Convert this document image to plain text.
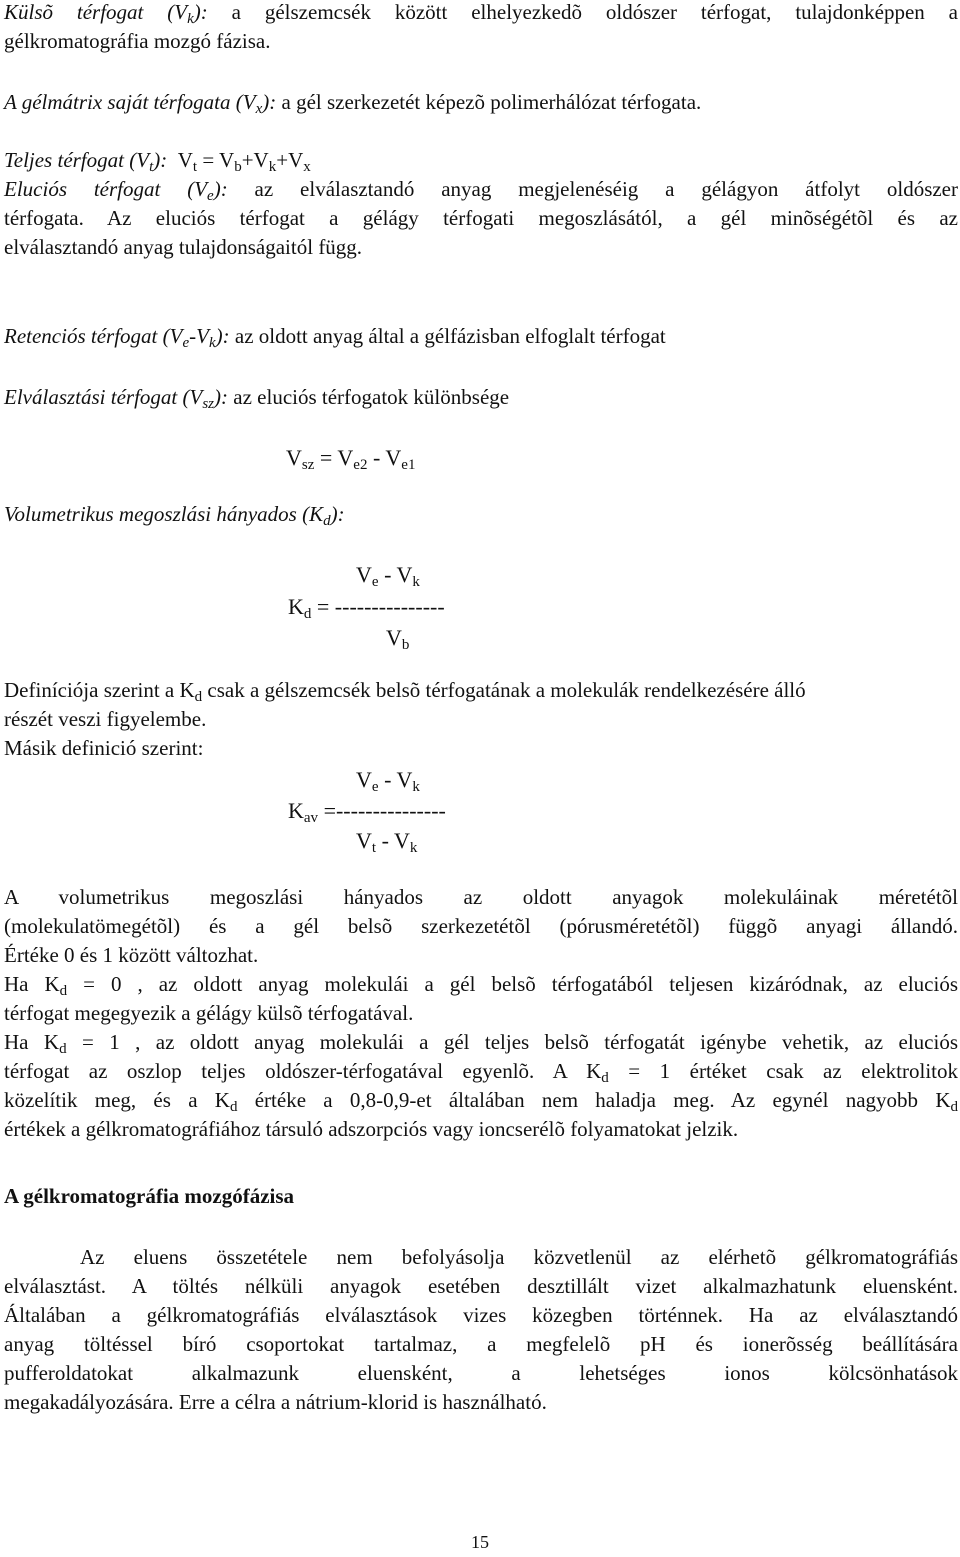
Külsõ térfogat $(V_k)$: a gélszemcsék között elhelyezkedõ oldószer térfogat, tulajdonképpen a
gélkromatográfia mozgó fázisa.
A gélmátrix saját térfogata $(V_x)$: a gél szerkezetét képezõ polimerhálózat térfogata.
Teljes térfogat $(V_t)$: $V_t = V_b+V_k+V_x$
Eluciós térfogat $(V_e)$: az elválasztandó anyag megjelenéséig a gélágyon átfolyt oldószer
térfogata. Az eluciós térfogat a gélágy térfogati megoszlásától, a gél minõségétõl és az
elválasztandó anyag tulajdonságaitól függ.
Retenciós térfogat $(V_e-V_k)$: az oldott anyag által a gélfázisban elfoglalt térfogat
Elválasztási térfogat $(V_{sz})$: az eluciós térfogatok különbsége
$V_{sz} = V_{e2} - V_{e1}$
Volumetrikus megoszlási hányados $(K_d)$:
$V_e - V_k$
$K_d$ = ---------------
$V_b$
Definíciója szerint a $K_d$ csak a gélszemcsék belsõ térfogatának a molekulák rendelkezésére álló
részét veszi figyelembe.
Másik definició szerint:
$V_e - V_k$
$K_{av}$ =---------------
$V_t - V_k$
A volumetrikus megoszlási hányados az oldott anyagok molekuláinak méretétõl
(molekulatömegétõl) és a gél belsõ szerkezetétõl (pórusméretétõl) függõ anyagi állandó.
Értéke 0 és 1 között változhat.
Ha $K_d = 0$ , az oldott anyag molekulái a gél belsõ térfogatából teljesen kizáródnak, az eluciós
térfogat megegyezik a gélágy külsõ térfogatával.
Ha $K_d = 1$ , az oldott anyag molekulái a gél teljes belsõ térfogatát igénybe vehetik, az eluciós
térfogat az oszlop teljes oldószer-térfogatával egyenlõ. A $K_d = 1$ értéket csak az elektrolitok
közelítik meg, és a $K_d$ értéke a 0,8-0,9-et általában nem haladja meg. Az egynél nagyobb $K_d$
értékek a gélkromatográfiához társuló adszorpciós vagy ioncserélõ folyamatokat jelzik.
A gélkromatográfia mozgófázisa
Az eluens összetétele nem befolyásolja közvetlenül az elérhetõ gélkromatográfiás
elválasztást. A töltés nélküli anyagok esetében desztillált vizet alkalmazhatunk eluensként.
Általában a gélkromatográfiás elválasztások vizes közegben történnek. Ha az elválasztandó
anyag töltéssel bíró csoportokat tartalmaz, a megfelelõ pH és ionerõsség beállítására
pufferoldatokat alkalmazunk eluensként, a lehetséges ionos kölcsönhatások
megakadályozására. Erre a célra a nátrium-klorid is használható.
15
